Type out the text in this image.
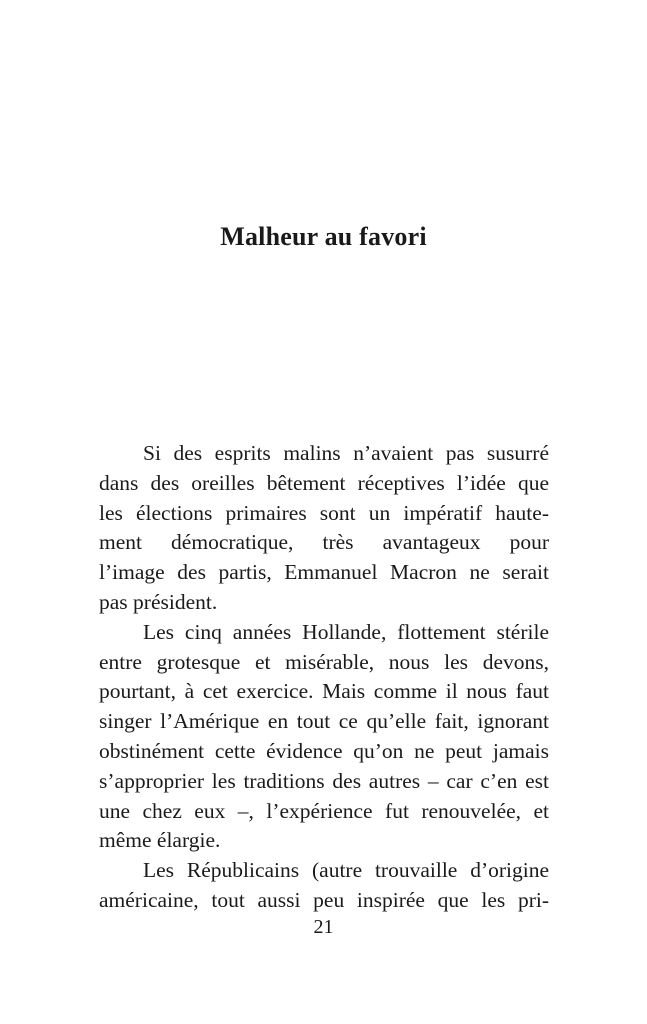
Malheur au favori
Si des esprits malins n’avaient pas susurré
dans des oreilles bêtement réceptives l’idée que
les élections primaires sont un impératif haute-
ment démocratique, très avantageux pour
l’image des partis, Emmanuel Macron ne serait
pas président.
Les cinq années Hollande, flottement stérile
entre grotesque et misérable, nous les devons,
pourtant, à cet exercice. Mais comme il nous faut
singer l’Amérique en tout ce qu’elle fait, ignorant
obstinément cette évidence qu’on ne peut jamais
s’approprier les traditions des autres – car c’en est
une chez eux –, l’expérience fut renouvelée, et
même élargie.
Les Républicains (autre trouvaille d’origine
américaine, tout aussi peu inspirée que les pri-

21
